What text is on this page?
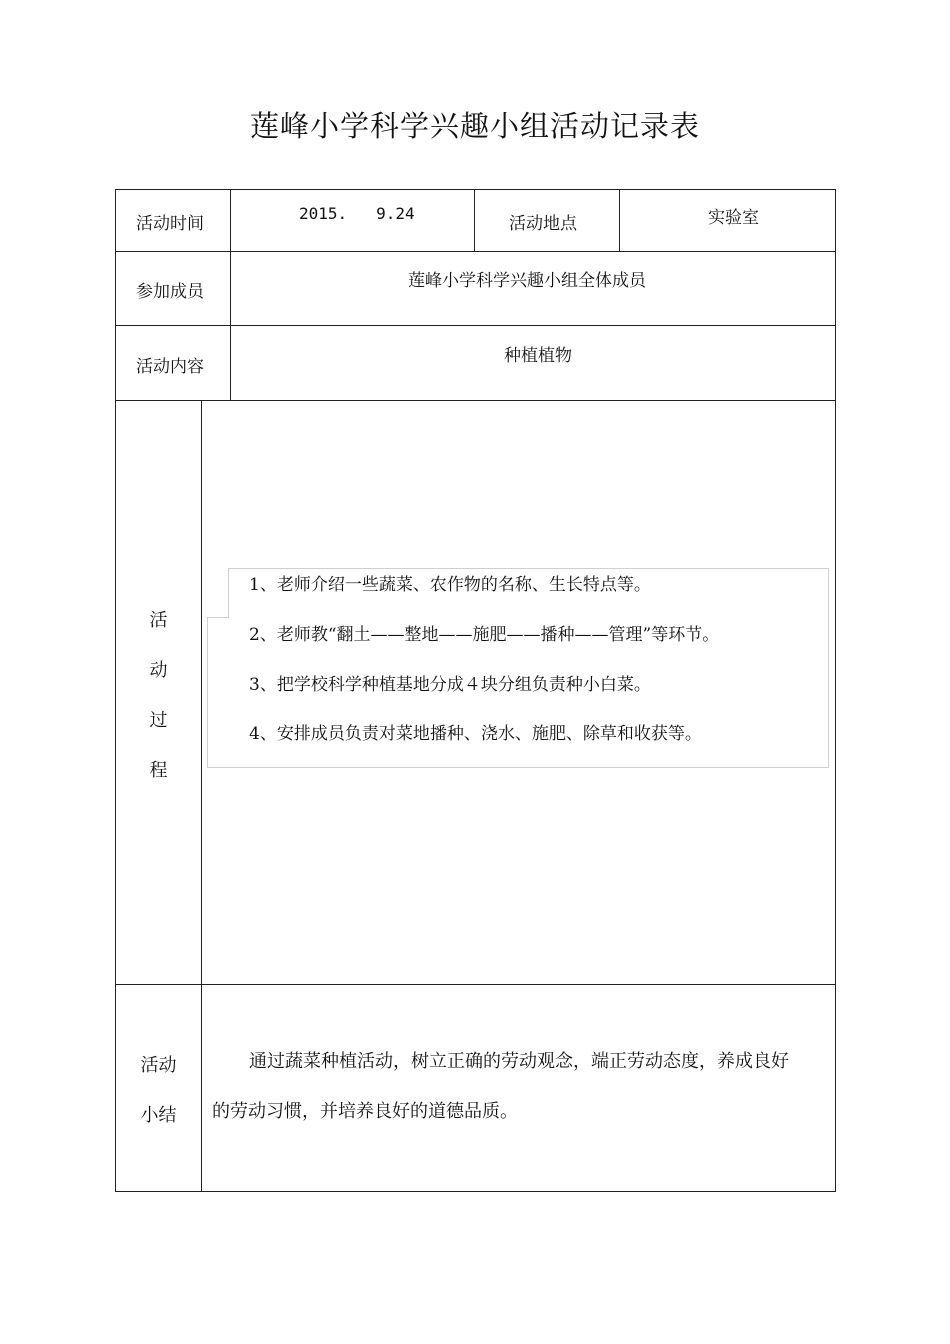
莲峰小学科学兴趣小组活动记录表
活动时间
2015.   9.24
活动地点	实验室
参加成员
莲峰小学科学兴趣小组全体成员
活动内容
种植植物
活
动
过
程
1、老师介绍一些蔬菜、农作物的名称、生长特点等。
2、老师教“翻土——整地——施肥——播种——管理”等环节。
3、把学校科学种植基地分成４块分组负责种小白菜。
4、安排成员负责对菜地播种、浇水、施肥、除草和收获等。
活动
小结
通过蔬菜种植活动，树立正确的劳动观念，端正劳动态度，养成良好
的劳动习惯，并培养良好的道德品质。
